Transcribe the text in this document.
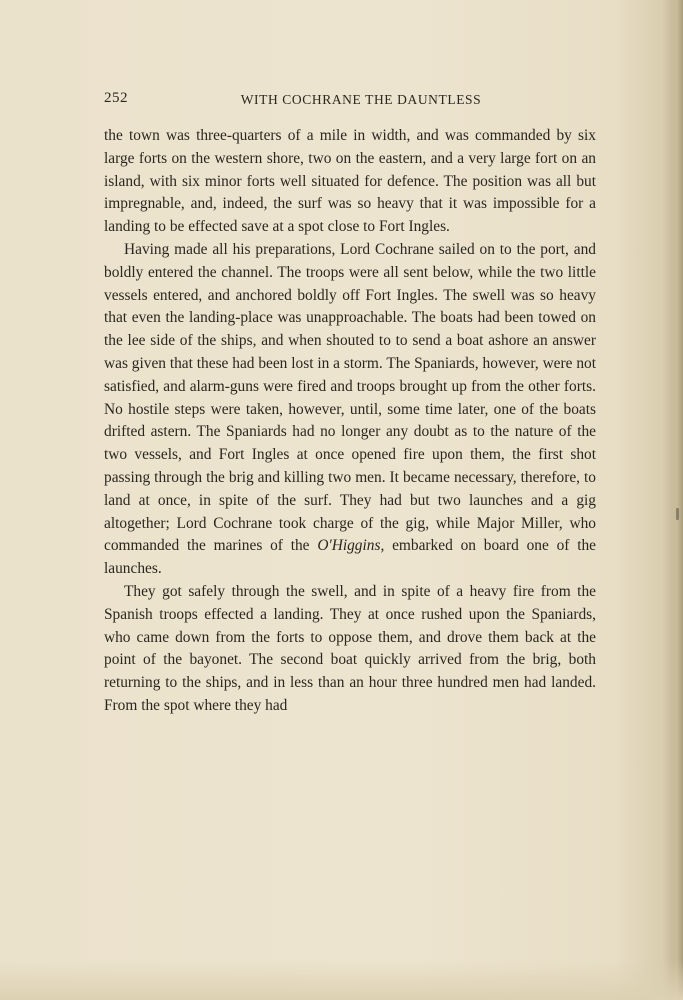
252	WITH COCHRANE THE DAUNTLESS

the town was three-quarters of a mile in width, and was commanded by six large forts on the western shore, two on the eastern, and a very large fort on an island, with six minor forts well situated for defence. The position was all but impregnable, and, indeed, the surf was so heavy that it was impossible for a landing to be effected save at a spot close to Fort Ingles.

Having made all his preparations, Lord Cochrane sailed on to the port, and boldly entered the channel. The troops were all sent below, while the two little vessels entered, and anchored boldly off Fort Ingles. The swell was so heavy that even the landing-place was unapproachable. The boats had been towed on the lee side of the ships, and when shouted to to send a boat ashore an answer was given that these had been lost in a storm. The Spaniards, however, were not satisfied, and alarm-guns were fired and troops brought up from the other forts. No hostile steps were taken, however, until, some time later, one of the boats drifted astern. The Spaniards had no longer any doubt as to the nature of the two vessels, and Fort Ingles at once opened fire upon them, the first shot passing through the brig and killing two men. It became necessary, therefore, to land at once, in spite of the surf. They had but two launches and a gig altogether; Lord Cochrane took charge of the gig, while Major Miller, who commanded the marines of the O'Higgins, embarked on board one of the launches.

They got safely through the swell, and in spite of a heavy fire from the Spanish troops effected a landing. They at once rushed upon the Spaniards, who came down from the forts to oppose them, and drove them back at the point of the bayonet. The second boat quickly arrived from the brig, both returning to the ships, and in less than an hour three hundred men had landed. From the spot where they had
